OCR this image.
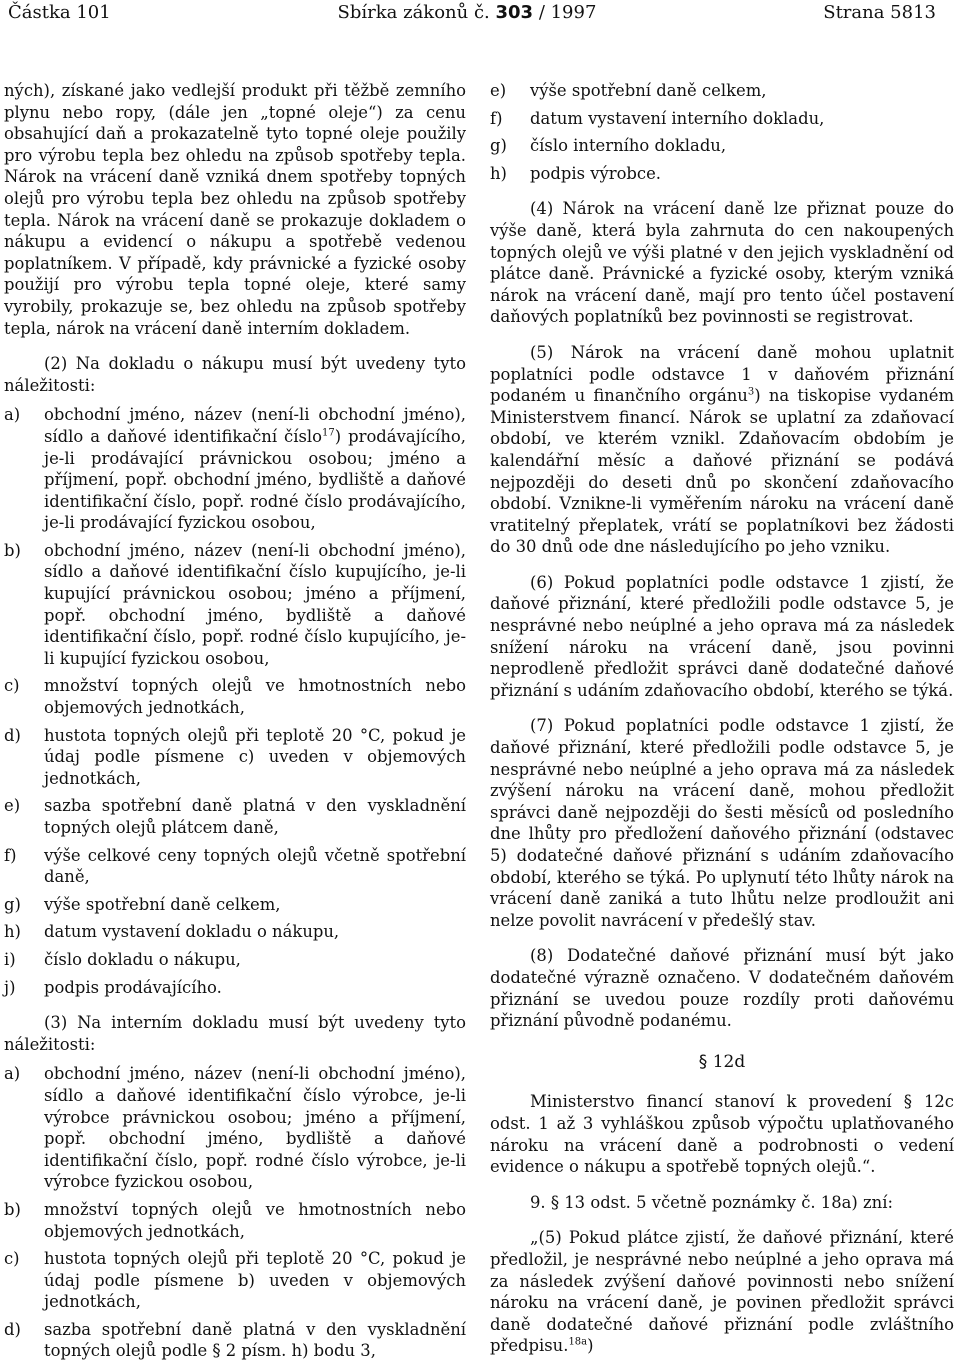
Částka 101	Sbírka zákonů č. 303 / 1997	Strana 5813

ných), získané jako vedlejší produkt při těžbě zemního plynu nebo ropy, (dále jen „topné oleje“) za cenu obsahující daň a prokazatelně tyto topné oleje použily pro výrobu tepla bez ohledu na způsob spotřeby tepla. Nárok na vrácení daně vzniká dnem spotřeby topných olejů pro výrobu tepla bez ohledu na způsob spotřeby tepla. Nárok na vrácení daně se prokazuje dokladem o nákupu a evidencí o nákupu a spotřebě vedenou poplatníkem. V případě, kdy právnické a fyzické osoby použijí pro výrobu tepla topné oleje, které samy vyrobily, prokazuje se, bez ohledu na způsob spotřeby tepla, nárok na vrácení daně interním dokladem.

(2) Na dokladu o nákupu musí být uvedeny tyto náležitosti:

a) obchodní jméno, název (není-li obchodní jméno), sídlo a daňové identifikační číslo$^{17}$) prodávajícího, je-li prodávající právnickou osobou; jméno a příjmení, popř. obchodní jméno, bydliště a daňové identifikační číslo, popř. rodné číslo prodávajícího, je-li prodávající fyzickou osobou,
b) obchodní jméno, název (není-li obchodní jméno), sídlo a daňové identifikační číslo kupujícího, je-li kupující právnickou osobou; jméno a příjmení, popř. obchodní jméno, bydliště a daňové identifikační číslo, popř. rodné číslo kupujícího, je-li kupující fyzickou osobou,
c) množství topných olejů ve hmotnostních nebo objemových jednotkách,
d) hustota topných olejů při teplotě 20 °C, pokud je údaj podle písmene c) uveden v objemových jednotkách,
e) sazba spotřební daně platná v den vyskladnění topných olejů plátcem daně,
f) výše celkové ceny topných olejů včetně spotřební daně,
g) výše spotřební daně celkem,
h) datum vystavení dokladu o nákupu,
i) číslo dokladu o nákupu,
j) podpis prodávajícího.

(3) Na interním dokladu musí být uvedeny tyto náležitosti:

a) obchodní jméno, název (není-li obchodní jméno), sídlo a daňové identifikační číslo výrobce, je-li výrobce právnickou osobou; jméno a příjmení, popř. obchodní jméno, bydliště a daňové identifikační číslo, popř. rodné číslo výrobce, je-li výrobce fyzickou osobou,
b) množství topných olejů ve hmotnostních nebo objemových jednotkách,
c) hustota topných olejů při teplotě 20 °C, pokud je údaj podle písmene b) uveden v objemových jednotkách,
d) sazba spotřební daně platná v den vyskladnění topných olejů podle § 2 písm. h) bodu 3,
e) výše spotřební daně celkem,
f) datum vystavení interního dokladu,
g) číslo interního dokladu,
h) podpis výrobce.

(4) Nárok na vrácení daně lze přiznat pouze do výše daně, která byla zahrnuta do cen nakoupených topných olejů ve výši platné v den jejich vyskladnění od plátce daně. Právnické a fyzické osoby, kterým vzniká nárok na vrácení daně, mají pro tento účel postavení daňových poplatníků bez povinnosti se registrovat.

(5) Nárok na vrácení daně mohou uplatnit poplatníci podle odstavce 1 v daňovém přiznání podaném u finančního orgánu$^3$) na tiskopise vydaném Ministerstvem financí. Nárok se uplatní za zdaňovací období, ve kterém vznikl. Zdaňovacím obdobím je kalendářní měsíc a daňové přiznání se podává nejpozději do deseti dnů po skončení zdaňovacího období. Vznikne-li vyměřením nároku na vrácení daně vratitelný přeplatek, vrátí se poplatníkovi bez žádosti do 30 dnů ode dne následujícího po jeho vzniku.

(6) Pokud poplatníci podle odstavce 1 zjistí, že daňové přiznání, které předložili podle odstavce 5, je nesprávné nebo neúplné a jeho oprava má za následek snížení nároku na vrácení daně, jsou povinni neprodleně předložit správci daně dodatečné daňové přiznání s udáním zdaňovacího období, kterého se týká.

(7) Pokud poplatníci podle odstavce 1 zjistí, že daňové přiznání, které předložili podle odstavce 5, je nesprávné nebo neúplné a jeho oprava má za následek zvýšení nároku na vrácení daně, mohou předložit správci daně nejpozději do šesti měsíců od posledního dne lhůty pro předložení daňového přiznání (odstavec 5) dodatečné daňové přiznání s udáním zdaňovacího období, kterého se týká. Po uplynutí této lhůty nárok na vrácení daně zaniká a tuto lhůtu nelze prodloužit ani nelze povolit navrácení v předešlý stav.

(8) Dodatečné daňové přiznání musí být jako dodatečné výrazně označeno. V dodatečném daňovém přiznání se uvedou pouze rozdíly proti daňovému přiznání původně podanému.

§ 12d

Ministerstvo financí stanoví k provedení § 12c odst. 1 až 3 vyhláškou způsob výpočtu uplatňovaného nároku na vrácení daně a podrobnosti o vedení evidence o nákupu a spotřebě topných olejů.“.

9. § 13 odst. 5 včetně poznámky č. 18a) zní:

„(5) Pokud plátce zjistí, že daňové přiznání, které předložil, je nesprávné nebo neúplné a jeho oprava má za následek zvýšení daňové povinnosti nebo snížení nároku na vrácení daně, je povinen předložit správci daně dodatečné daňové přiznání podle zvláštního předpisu.$^{18a}$)
